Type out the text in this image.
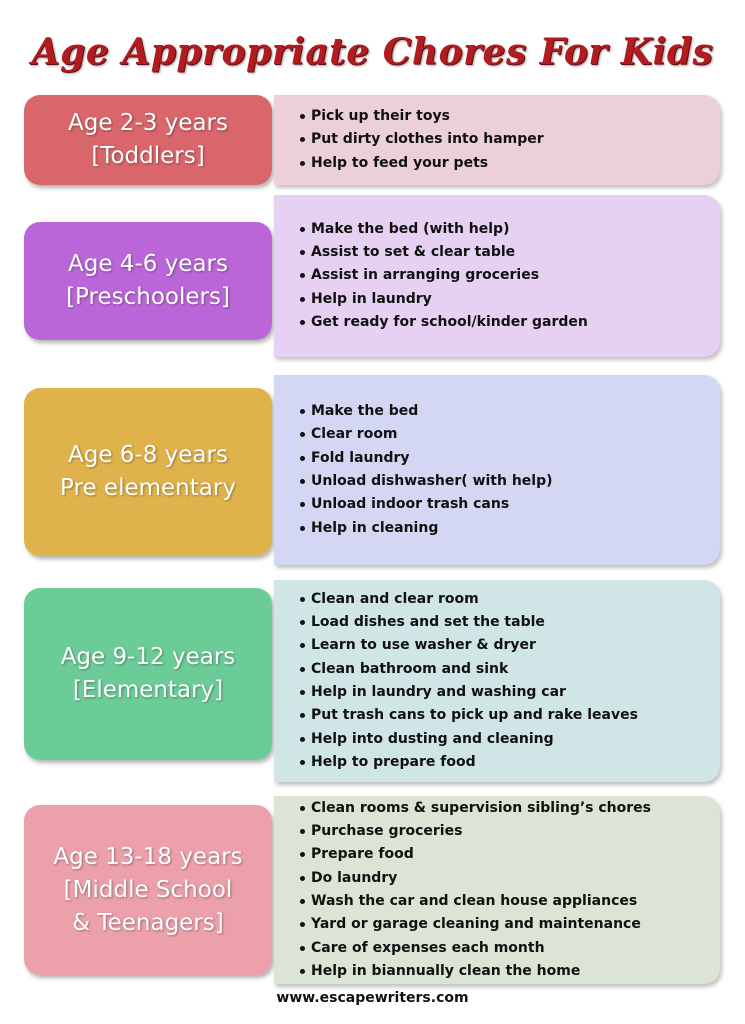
Age Appropriate Chores For Kids
Age 2-3 years
[Toddlers]
Pick up their toys
Put dirty clothes into hamper
Help to feed your pets
Age 4-6 years
[Preschoolers]
Make the bed (with help)
Assist to set & clear table
Assist in arranging groceries
Help in laundry
Get ready for school/kinder garden
Age 6-8 years
Pre elementary
Make the bed
Clear room
Fold laundry
Unload dishwasher( with help)
Unload indoor trash cans
Help in cleaning
Age 9-12 years
[Elementary]
Clean and clear room
Load dishes and set the table
Learn to use washer & dryer
Clean bathroom and sink
Help in laundry and washing car
Put trash cans to pick up and rake leaves
Help into dusting and cleaning
Help to prepare food
Age 13-18 years
[Middle School
& Teenagers]
Clean rooms & supervision sibling’s chores
Purchase groceries
Prepare food
Do laundry
Wash the car and clean house appliances
Yard or garage cleaning and maintenance
Care of expenses each month
Help in biannually clean the home
www.escapewriters.com
